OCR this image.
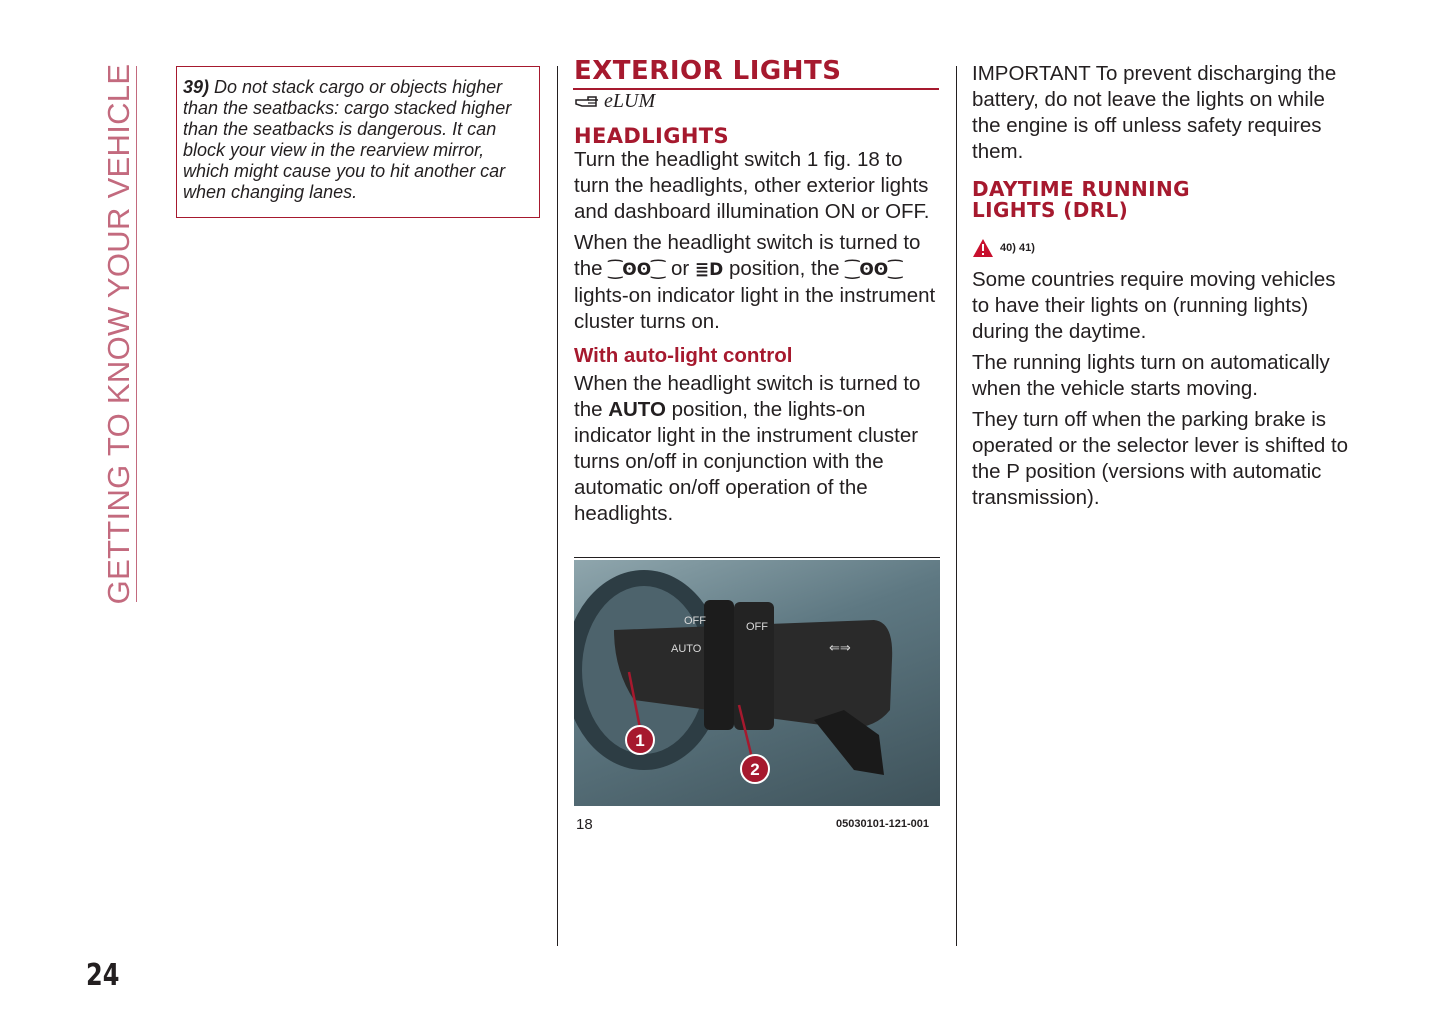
GETTING TO KNOW YOUR VEHICLE
24
39) Do not stack cargo or objects higher than the seatbacks: cargo stacked higher than the seatbacks is dangerous. It can block your view in the rearview mirror, which might cause you to hit another car when changing lanes.
EXTERIOR LIGHTS
eLUM
HEADLIGHTS

Turn the headlight switch 1 fig. 18 to turn the headlights, other exterior lights and dashboard illumination ON or OFF.

When the headlight switch is turned to the ⁐ʘʘ⁐ or ≣D position, the ⁐ʘʘ⁐ lights-on indicator light in the instrument cluster turns on.

With auto-light control

When the headlight switch is turned to the AUTO position, the lights-on indicator light in the instrument cluster turns on/off in conjunction with the automatic on/off operation of the headlights.

OFF	OFF
AUTO	⇐⇒
1
2
18	05030101-121-001

IMPORTANT To prevent discharging the battery, do not leave the lights on while the engine is off unless safety requires them.

DAYTIME RUNNING LIGHTS (DRL)
40) 41)

Some countries require moving vehicles to have their lights on (running lights) during the daytime.

The running lights turn on automatically when the vehicle starts moving.

They turn off when the parking brake is operated or the selector lever is shifted to the P position (versions with automatic transmission).
